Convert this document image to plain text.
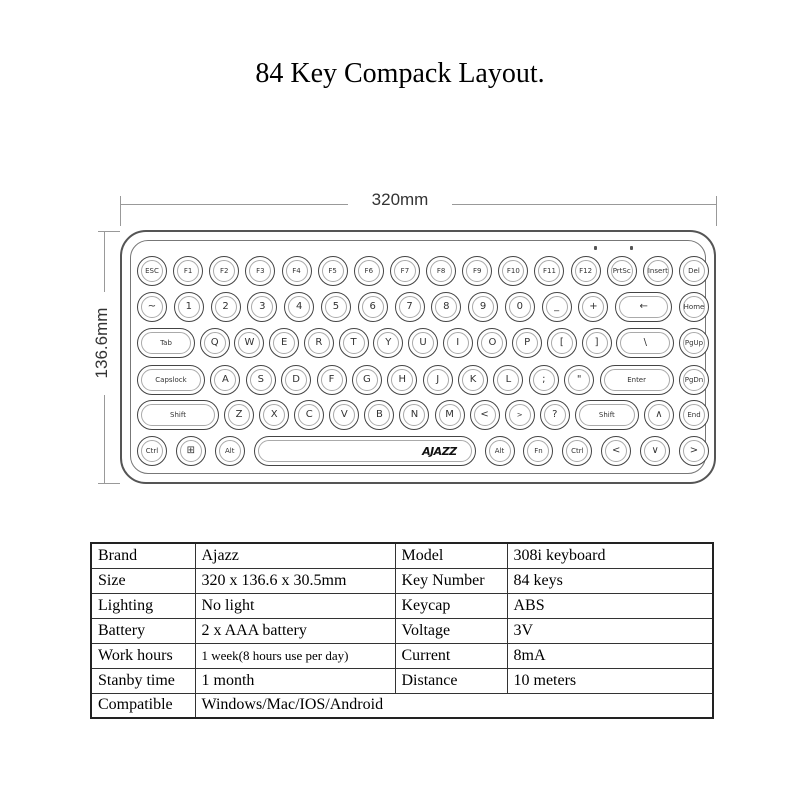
84 Key Compack Layout.
320mm
136.6mm
ESC	F1	F2	F3	F4	F5	F6	F7	F8	F9	F10	F11	F12	PrtSc Insert	Del
~	1	2	3	4	5	6	7	8	9	0	_	+	←	Home
Tab	Q	W	E	R	T	Y	U	I	O	P	[	]	\	PgUp
Capslock	A	S	D	F	G	H	J	K	L	;	"	Enter	PgDn
Shift	Z	X	C	V	B	N	M	<	>	?	Shift	∧	End
Ctrl	⊞	Alt	AJAZZ	Alt	Fn	Ctrl	<	∨	>
Brand	Ajazz	Model	308i keyboard
Size	320 x 136.6 x 30.5mm	Key Number	84 keys
Lighting	No light	Keycap	ABS
Battery	2 x AAA battery	Voltage	3V
Work hours	1 week(8 hours use per day)	Current	8mA
Stanby time	1 month	Distance	10 meters
Compatible	Windows/Mac/IOS/Android		
